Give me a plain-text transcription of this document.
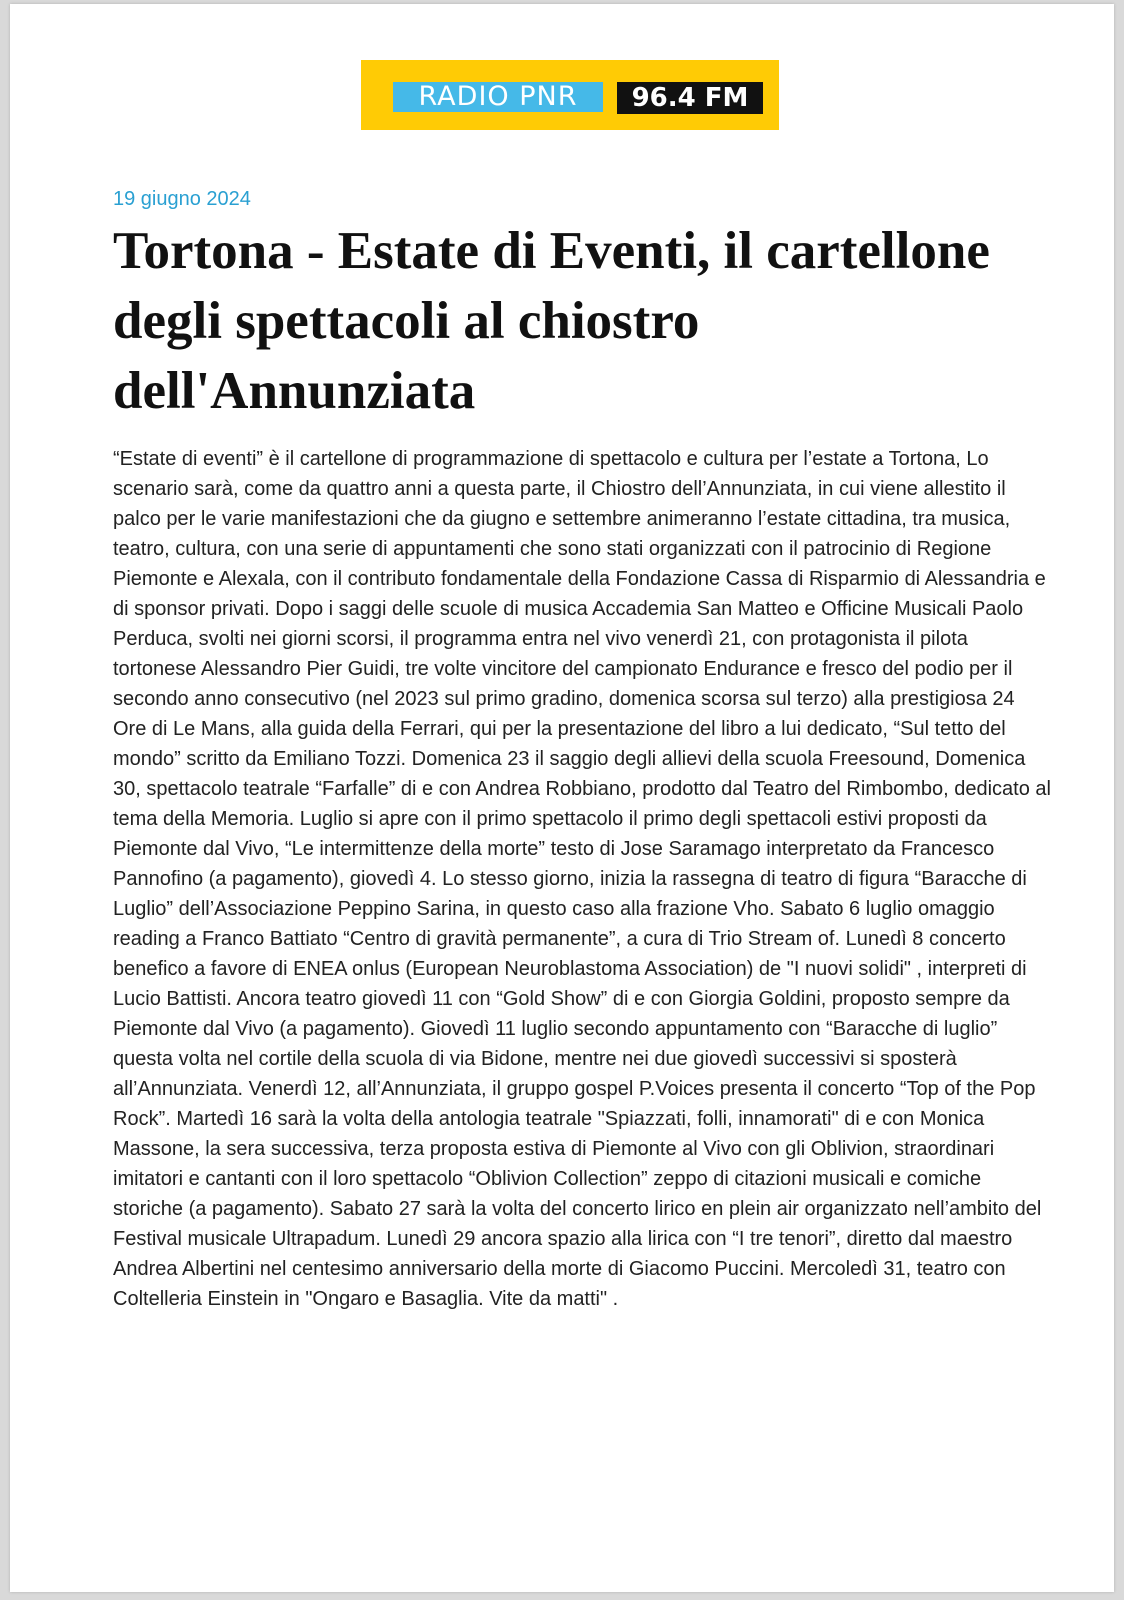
RADIO PNR	96.4 FM
19 giugno 2024
Tortona - Estate di Eventi, il cartellone degli spettacoli al chiostro dell'Annunziata

“Estate di eventi” è il cartellone di programmazione di spettacolo e cultura per l’estate a Tortona, Lo scenario sarà, come da quattro anni a questa parte, il Chiostro dell’Annunziata, in cui viene allestito il palco per le varie manifestazioni che da giugno e settembre animeranno l’estate cittadina, tra musica, teatro, cultura, con una serie di appuntamenti che sono stati organizzati con il patrocinio di Regione Piemonte e Alexala, con il contributo fondamentale della Fondazione Cassa di Risparmio di Alessandria e di sponsor privati. Dopo i saggi delle scuole di musica Accademia San Matteo e Officine Musicali Paolo Perduca, svolti nei giorni scorsi, il programma entra nel vivo venerdì 21, con protagonista il pilota tortonese Alessandro Pier Guidi, tre volte vincitore del campionato Endurance e fresco del podio per il secondo anno consecutivo (nel 2023 sul primo gradino, domenica scorsa sul terzo) alla prestigiosa 24 Ore di Le Mans, alla guida della Ferrari, qui per la presentazione del libro a lui dedicato, “Sul tetto del mondo” scritto da Emiliano Tozzi. Domenica 23 il saggio degli allievi della scuola Freesound, Domenica 30, spettacolo teatrale “Farfalle” di e con Andrea Robbiano, prodotto dal Teatro del Rimbombo, dedicato al tema della Memoria. Luglio si apre con il primo spettacolo il primo degli spettacoli estivi proposti da Piemonte dal Vivo, “Le intermittenze della morte” testo di Jose Saramago interpretato da Francesco Pannofino (a pagamento), giovedì 4. Lo stesso giorno, inizia la rassegna di teatro di figura “Baracche di Luglio” dell’Associazione Peppino Sarina, in questo caso alla frazione Vho. Sabato 6 luglio omaggio reading a Franco Battiato “Centro di gravità permanente”, a cura di Trio Stream of. Lunedì 8 concerto benefico a favore di ENEA onlus (European Neuroblastoma Association) de "I nuovi solidi" , interpreti di Lucio Battisti. Ancora teatro giovedì 11 con “Gold Show” di e con Giorgia Goldini, proposto sempre da Piemonte dal Vivo (a pagamento). Giovedì 11 luglio secondo appuntamento con “Baracche di luglio” questa volta nel cortile della scuola di via Bidone, mentre nei due giovedì successivi si sposterà all’Annunziata. Venerdì 12, all’Annunziata, il gruppo gospel P.Voices presenta il concerto “Top of the Pop Rock”. Martedì 16 sarà la volta della antologia teatrale "Spiazzati, folli, innamorati" di e con Monica Massone, la sera successiva, terza proposta estiva di Piemonte al Vivo con gli Oblivion, straordinari imitatori e cantanti con il loro spettacolo “Oblivion Collection” zeppo di citazioni musicali e comiche storiche (a pagamento). Sabato 27 sarà la volta del concerto lirico en plein air organizzato nell’ambito del Festival musicale Ultrapadum. Lunedì 29 ancora spazio alla lirica con “I tre tenori”, diretto dal maestro Andrea Albertini nel centesimo anniversario della morte di Giacomo Puccini. Mercoledì 31, teatro con Coltelleria Einstein in "Ongaro e Basaglia. Vite da matti" .
